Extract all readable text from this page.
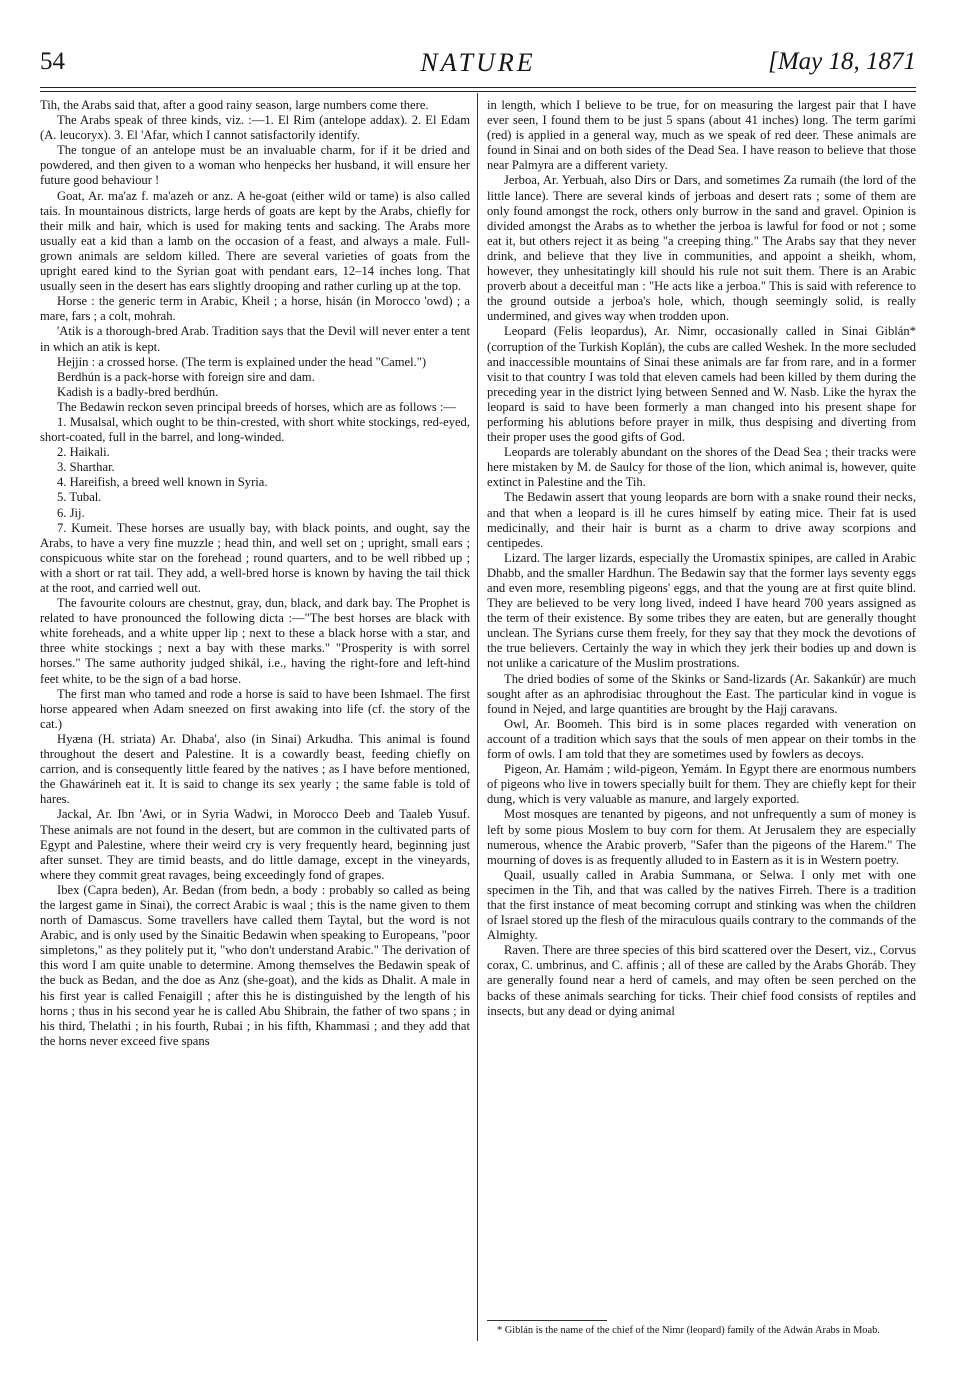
54	NATURE	[May 18, 1871

Tih, the Arabs said that, after a good rainy season, large numbers come there.

The Arabs speak of three kinds, viz. :—1. El Rim (antelope addax). 2. El Edam (A. leucoryx). 3. El 'Afar, which I cannot satisfactorily identify.

The tongue of an antelope must be an invaluable charm, for if it be dried and powdered, and then given to a woman who henpecks her husband, it will ensure her future good behaviour !

Goat, Ar. ma'az f. ma'azeh or anz. A he-goat (either wild or tame) is also called tais. In mountainous districts, large herds of goats are kept by the Arabs, chiefly for their milk and hair, which is used for making tents and sacking. The Arabs more usually eat a kid than a lamb on the occasion of a feast, and always a male. Full-grown animals are seldom killed. There are several varieties of goats from the upright eared kind to the Syrian goat with pendant ears, 12–14 inches long. That usually seen in the desert has ears slightly drooping and rather curling up at the top.

Horse : the generic term in Arabic, Kheil ; a horse, hisán (in Morocco 'owd) ; a mare, fars ; a colt, mohrah.

'Atik is a thorough-bred Arab. Tradition says that the Devil will never enter a tent in which an atik is kept.

Hejjin : a crossed horse. (The term is explained under the head "Camel.")

Berdhún is a pack-horse with foreign sire and dam.

Kadish is a badly-bred berdhún.

The Bedawin reckon seven principal breeds of horses, which are as follows :—

1. Musalsal, which ought to be thin-crested, with short white stockings, red-eyed, short-coated, full in the barrel, and long-winded.

2. Haikali.

3. Sharthar.

4. Hareifish, a breed well known in Syria.

5. Tubal.

6. Jij.

7. Kumeit. These horses are usually bay, with black points, and ought, say the Arabs, to have a very fine muzzle ; head thin, and well set on ; upright, small ears ; conspicuous white star on the forehead ; round quarters, and to be well ribbed up ; with a short or rat tail. They add, a well-bred horse is known by having the tail thick at the root, and carried well out.

The favourite colours are chestnut, gray, dun, black, and dark bay. The Prophet is related to have pronounced the following dicta :—"The best horses are black with white foreheads, and a white upper lip ; next to these a black horse with a star, and three white stockings ; next a bay with these marks." "Prosperity is with sorrel horses." The same authority judged shikál, i.e., having the right-fore and left-hind feet white, to be the sign of a bad horse.

The first man who tamed and rode a horse is said to have been Ishmael. The first horse appeared when Adam sneezed on first awaking into life (cf. the story of the cat.)

Hyæna (H. striata) Ar. Dhaba', also (in Sinai) Arkudha. This animal is found throughout the desert and Palestine. It is a cowardly beast, feeding chiefly on carrion, and is consequently little feared by the natives ; as I have before mentioned, the Ghawárineh eat it. It is said to change its sex yearly ; the same fable is told of hares.

Jackal, Ar. Ibn 'Awi, or in Syria Wadwi, in Morocco Deeb and Taaleb Yusuf. These animals are not found in the desert, but are common in the cultivated parts of Egypt and Palestine, where their weird cry is very frequently heard, beginning just after sunset. They are timid beasts, and do little damage, except in the vineyards, where they commit great ravages, being exceedingly fond of grapes.

Ibex (Capra beden), Ar. Bedan (from bedn, a body : probably so called as being the largest game in Sinai), the correct Arabic is waal ; this is the name given to them north of Damascus. Some travellers have called them Taytal, but the word is not Arabic, and is only used by the Sinaitic Bedawin when speaking to Europeans, "poor simpletons," as they politely put it, "who don't understand Arabic." The derivation of this word I am quite unable to determine. Among themselves the Bedawin speak of the buck as Bedan, and the doe as Anz (she-goat), and the kids as Dhalit. A male in his first year is called Fenaigill ; after this he is distinguished by the length of his horns ; thus in his second year he is called Abu Shibrain, the father of two spans ; in his third, Thelathi ; in his fourth, Rubai ; in his fifth, Khammasi ; and they add that the horns never exceed five spans

in length, which I believe to be true, for on measuring the largest pair that I have ever seen, I found them to be just 5 spans (about 41 inches) long. The term garími (red) is applied in a general way, much as we speak of red deer. These animals are found in Sinai and on both sides of the Dead Sea. I have reason to believe that those near Palmyra are a different variety.

Jerboa, Ar. Yerbuah, also Dirs or Dars, and sometimes Za rumaih (the lord of the little lance). There are several kinds of jerboas and desert rats ; some of them are only found amongst the rock, others only burrow in the sand and gravel. Opinion is divided amongst the Arabs as to whether the jerboa is lawful for food or not ; some eat it, but others reject it as being "a creeping thing." The Arabs say that they never drink, and believe that they live in communities, and appoint a sheikh, whom, however, they unhesitatingly kill should his rule not suit them. There is an Arabic proverb about a deceitful man : "He acts like a jerboa." This is said with reference to the ground outside a jerboa's hole, which, though seemingly solid, is really undermined, and gives way when trodden upon.

Leopard (Felis leopardus), Ar. Nimr, occasionally called in Sinai Giblán* (corruption of the Turkish Koplán), the cubs are called Weshek. In the more secluded and inaccessible mountains of Sinai these animals are far from rare, and in a former visit to that country I was told that eleven camels had been killed by them during the preceding year in the district lying between Senned and W. Nasb. Like the hyrax the leopard is said to have been formerly a man changed into his present shape for performing his ablutions before prayer in milk, thus despising and diverting from their proper uses the good gifts of God.

Leopards are tolerably abundant on the shores of the Dead Sea ; their tracks were here mistaken by M. de Saulcy for those of the lion, which animal is, however, quite extinct in Palestine and the Tih.

The Bedawin assert that young leopards are born with a snake round their necks, and that when a leopard is ill he cures himself by eating mice. Their fat is used medicinally, and their hair is burnt as a charm to drive away scorpions and centipedes.

Lizard. The larger lizards, especially the Uromastix spinipes, are called in Arabic Dhabb, and the smaller Hardhun. The Bedawin say that the former lays seventy eggs and even more, resembling pigeons' eggs, and that the young are at first quite blind. They are believed to be very long lived, indeed I have heard 700 years assigned as the term of their existence. By some tribes they are eaten, but are generally thought unclean. The Syrians curse them freely, for they say that they mock the devotions of the true believers. Certainly the way in which they jerk their bodies up and down is not unlike a caricature of the Muslim prostrations.

The dried bodies of some of the Skinks or Sand-lizards (Ar. Sakankúr) are much sought after as an aphrodisiac throughout the East. The particular kind in vogue is found in Nejed, and large quantities are brought by the Hajj caravans.

Owl, Ar. Boomeh. This bird is in some places regarded with veneration on account of a tradition which says that the souls of men appear on their tombs in the form of owls. I am told that they are sometimes used by fowlers as decoys.

Pigeon, Ar. Hamám ; wild-pigeon, Yemám. In Egypt there are enormous numbers of pigeons who live in towers specially built for them. They are chiefly kept for their dung, which is very valuable as manure, and largely exported.

Most mosques are tenanted by pigeons, and not unfrequently a sum of money is left by some pious Moslem to buy corn for them. At Jerusalem they are especially numerous, whence the Arabic proverb, "Safer than the pigeons of the Harem." The mourning of doves is as frequently alluded to in Eastern as it is in Western poetry.

Quail, usually called in Arabia Summana, or Selwa. I only met with one specimen in the Tih, and that was called by the natives Firreh. There is a tradition that the first instance of meat becoming corrupt and stinking was when the children of Israel stored up the flesh of the miraculous quails contrary to the commands of the Almighty.

Raven. There are three species of this bird scattered over the Desert, viz., Corvus corax, C. umbrinus, and C. affinis ; all of these are called by the Arabs Ghoráb. They are generally found near a herd of camels, and may often be seen perched on the backs of these animals searching for ticks. Their chief food consists of reptiles and insects, but any dead or dying animal

* Giblán is the name of the chief of the Nimr (leopard) family of the Adwán Arabs in Moab.
